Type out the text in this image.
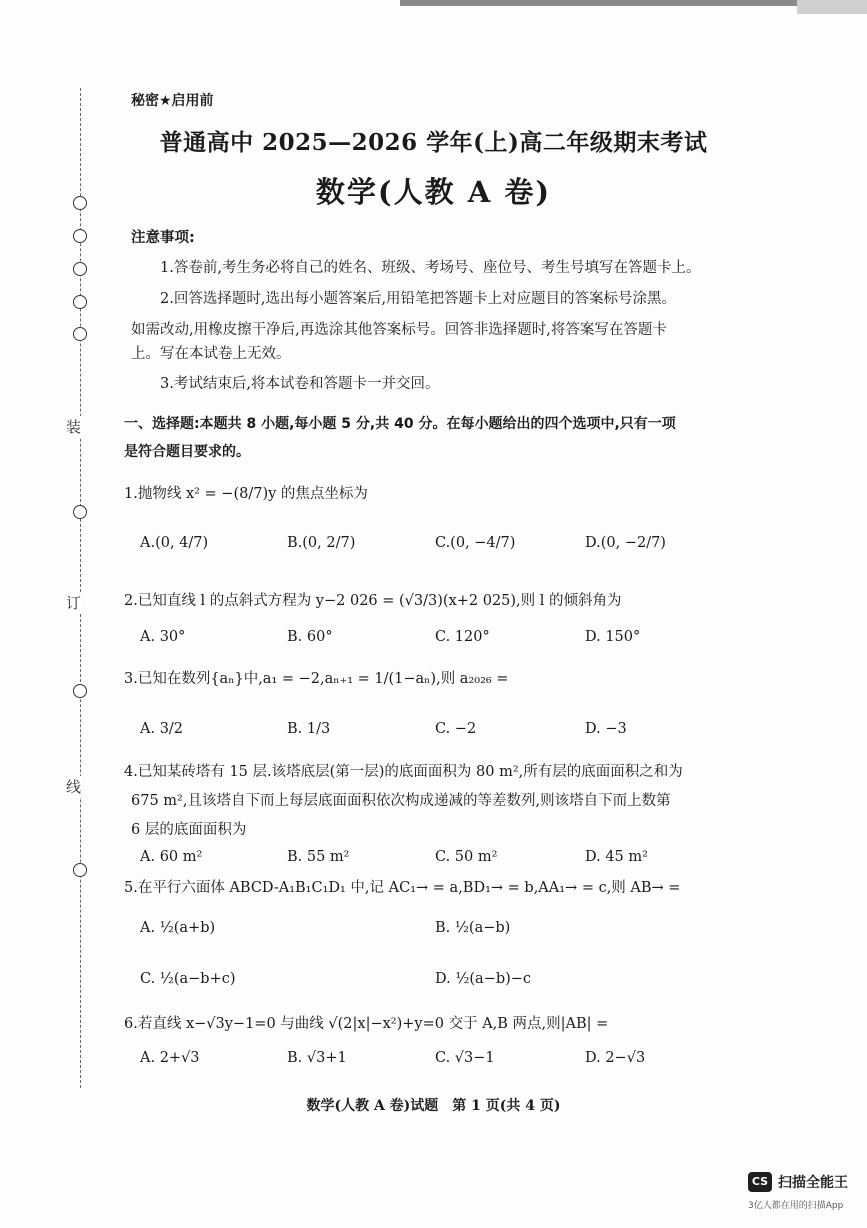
装
订
线
秘密★启用前
普通高中 2025—2026 学年(上)高二年级期末考试
数学(人教 A 卷)
注意事项:
1.答卷前,考生务必将自己的姓名、班级、考场号、座位号、考生号填写在答题卡上。
2.回答选择题时,选出每小题答案后,用铅笔把答题卡上对应题目的答案标号涂黑。
如需改动,用橡皮擦干净后,再选涂其他答案标号。回答非选择题时,将答案写在答题卡
上。写在本试卷上无效。
3.考试结束后,将本试卷和答题卡一并交回。
一、选择题:本题共 8 小题,每小题 5 分,共 40 分。在每小题给出的四个选项中,只有一项
是符合题目要求的。
1.抛物线 x² = −(8/7)y 的焦点坐标为
A.(0, 4/7)	B.(0, 2/7)	C.(0, −4/7)	D.(0, −2/7)
2.已知直线 l 的点斜式方程为 y−2 026 = (√3/3)(x+2 025),则 l 的倾斜角为
A. 30°	B. 60°	C. 120°	D. 150°
3.已知在数列{aₙ}中,a₁ = −2,aₙ₊₁ = 1/(1−aₙ),则 a₂₀₂₆ =
A. 3/2	B. 1/3	C. −2	D. −3
4.已知某砖塔有 15 层.该塔底层(第一层)的底面面积为 80 m²,所有层的底面面积之和为
675 m²,且该塔自下而上每层底面面积依次构成递减的等差数列,则该塔自下而上数第
6 层的底面面积为
A. 60 m²	B. 55 m²	C. 50 m²	D. 45 m²
5.在平行六面体 ABCD-A₁B₁C₁D₁ 中,记 AC₁→ = a,BD₁→ = b,AA₁→ = c,则 AB→ =
A. ½(a+b)	B. ½(a−b)
C. ½(a−b+c)	D. ½(a−b)−c
6.若直线 x−√3y−1=0 与曲线 √(2|x|−x²)+y=0 交于 A,B 两点,则|AB| =
A. 2+√3	B. √3+1	C. √3−1	D. 2−√3
数学(人教 A 卷)试题　第 1 页(共 4 页)
CS 扫描全能王
3亿人都在用的扫描App
